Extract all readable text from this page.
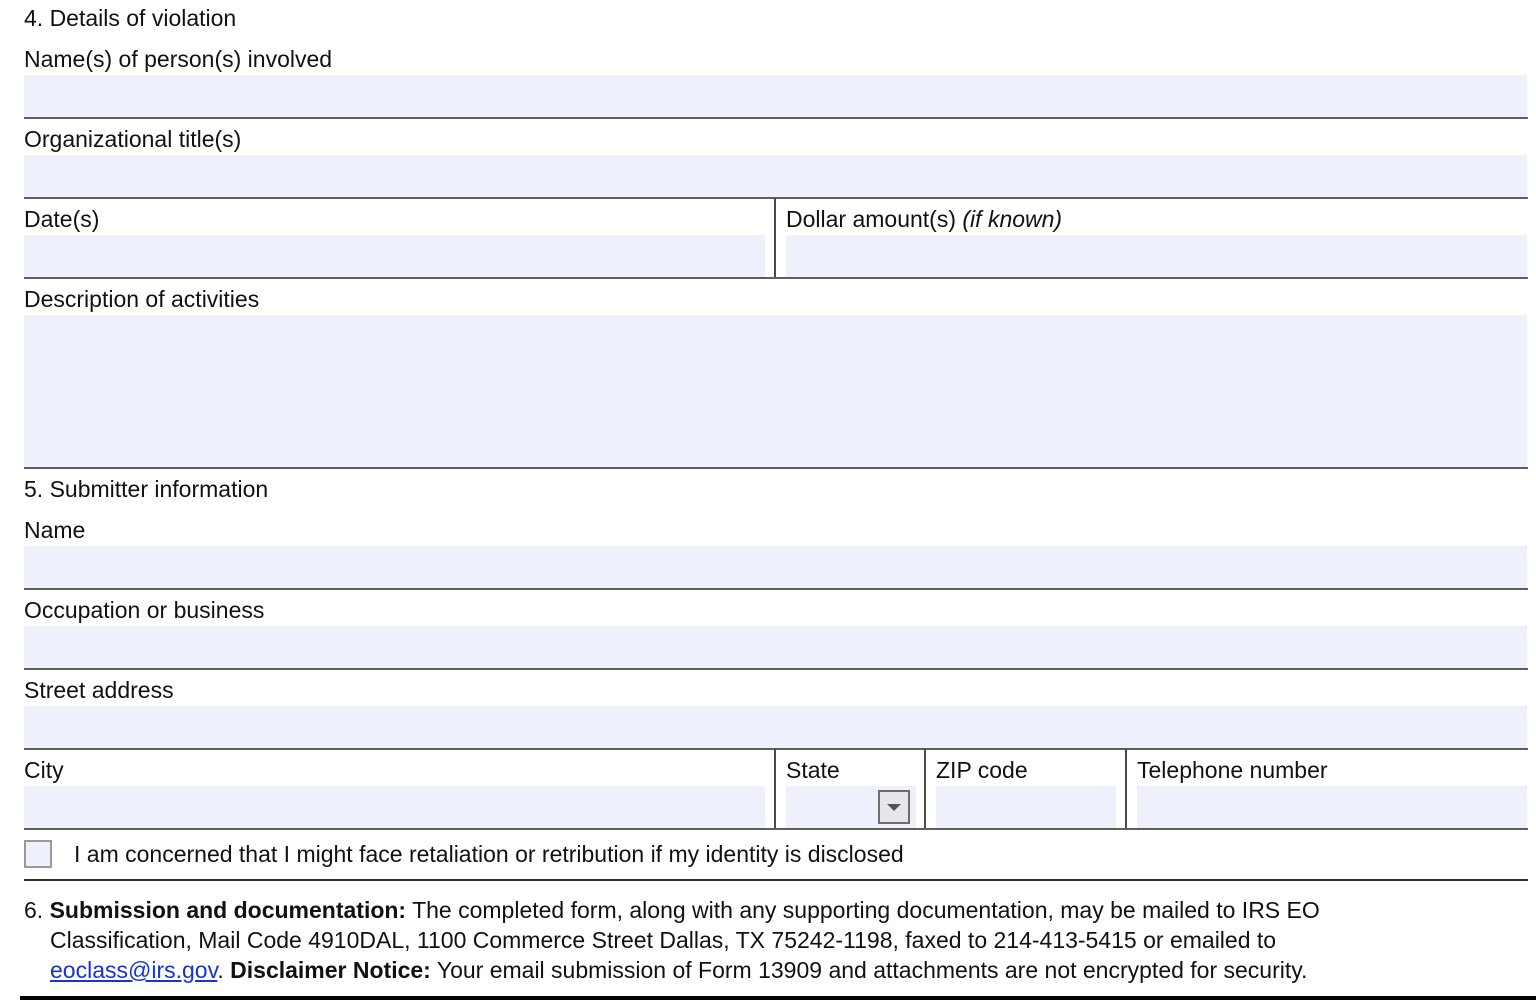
4. Details of violation
Name(s) of person(s) involved
Organizational title(s)
Date(s)	Dollar amount(s) (if known)
Description of activities
5. Submitter information
Name
Occupation or business
Street address
City	State	ZIP code	Telephone number
I am concerned that I might face retaliation or retribution if my identity is disclosed
6. Submission and documentation: The completed form, along with any supporting documentation, may be mailed to IRS EO
Classification, Mail Code 4910DAL, 1100 Commerce Street Dallas, TX 75242-1198, faxed to 214-413-5415 or emailed to
eoclass@irs.gov. Disclaimer Notice: Your email submission of Form 13909 and attachments are not encrypted for security.
